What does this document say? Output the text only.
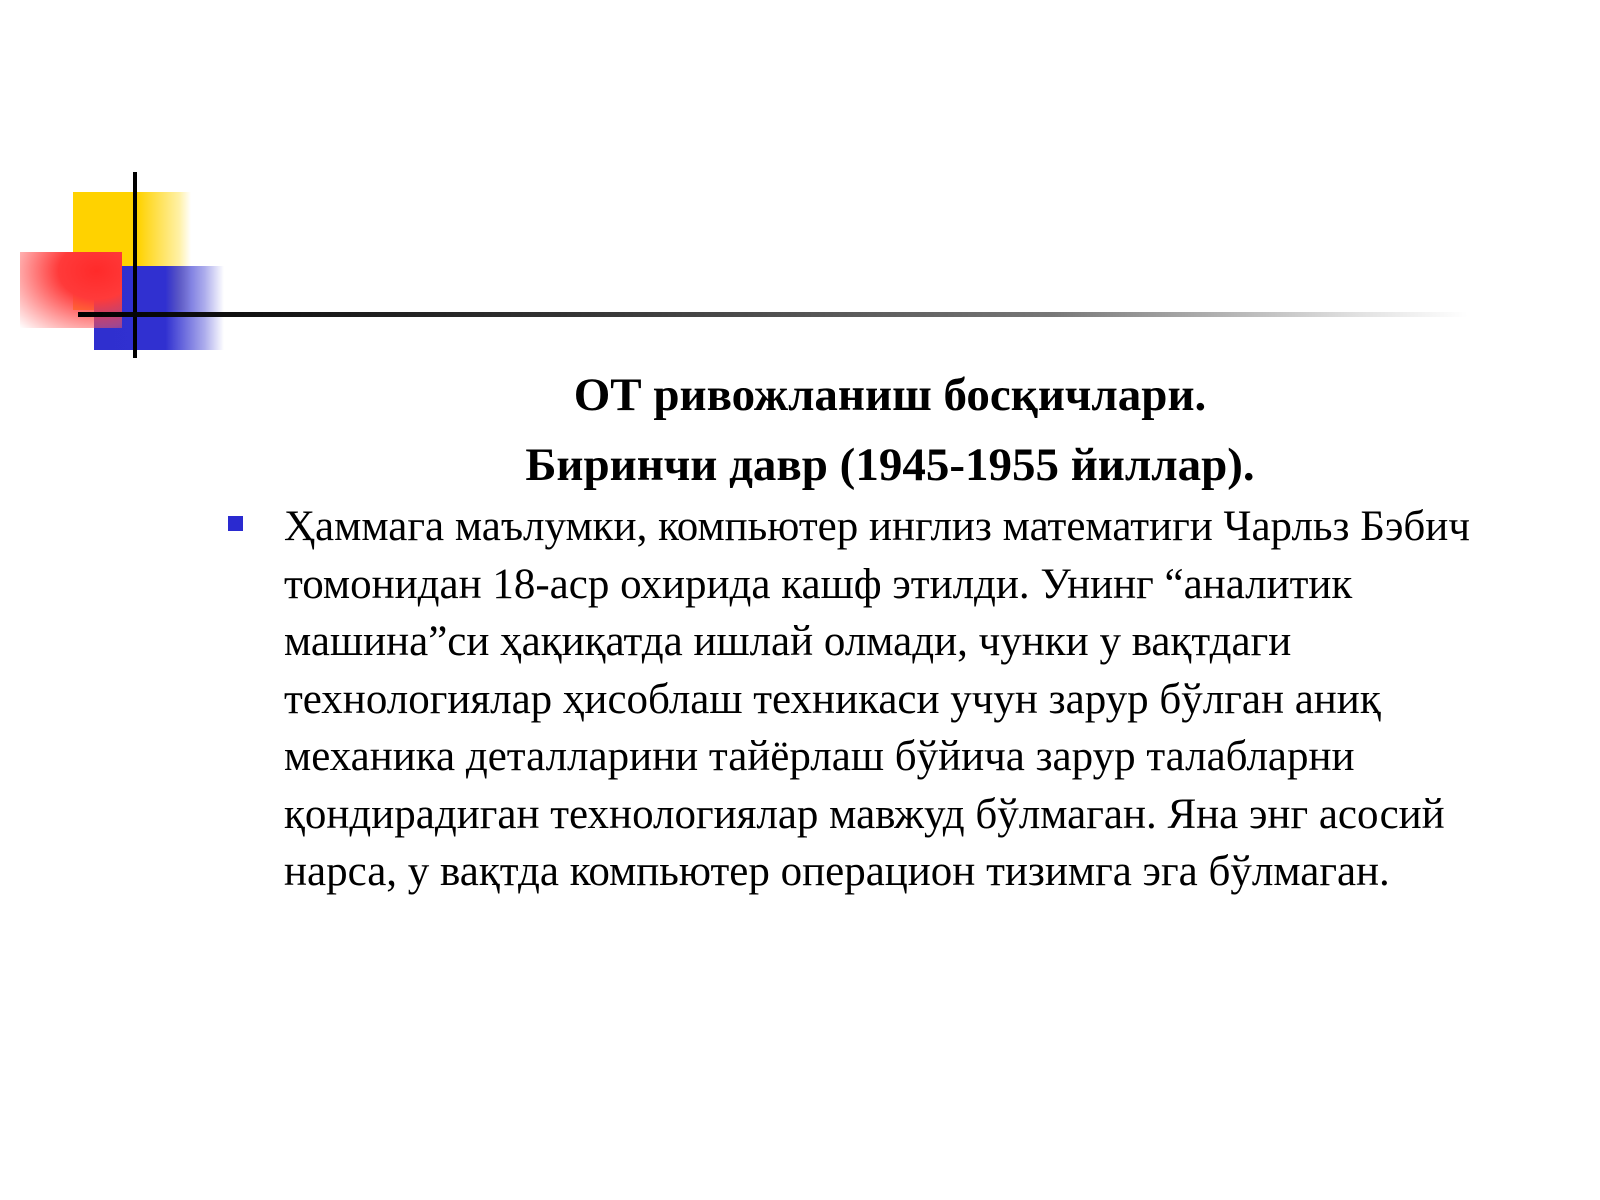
ОТ ривожланиш босқичлари.
Биринчи давр (1945-1955 йиллар).
Ҳаммага маълумки, компьютер инглиз математиги Чарльз Бэбич томонидан 18-аср охирида кашф этилди. Унинг “аналитик машина”си ҳақиқатда ишлай олмади, чунки у вақтдаги технологиялар ҳисоблаш техникаси учун зарур бўлган аниқ механика деталларини тайёрлаш бўйича зарур талабларни қондирадиган технологиялар мавжуд бўлмаган. Яна энг асосий нарса, у вақтда компьютер операцион тизимга эга бўлмаган.
